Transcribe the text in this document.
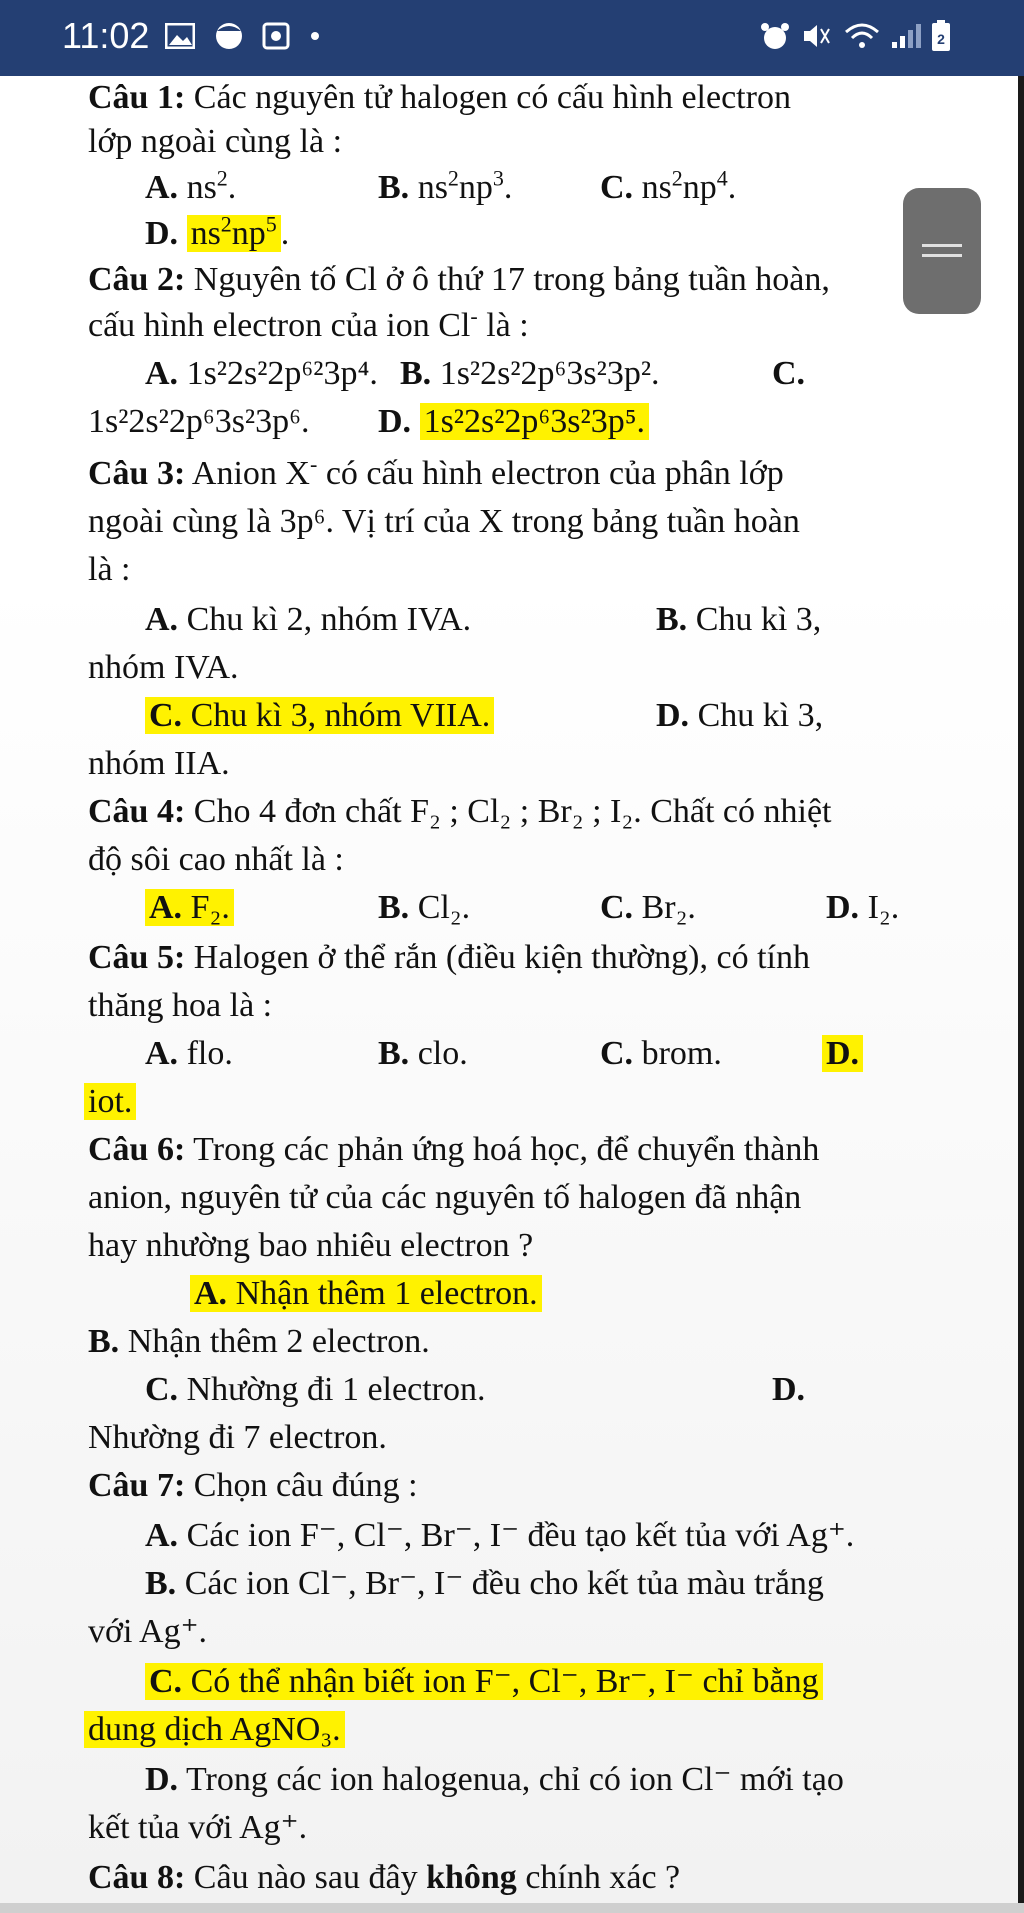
11:02	2
Câu 1: Các nguyên tử halogen có cấu hình electron
lớp ngoài cùng là :
A. $ns^2$.	B. $ns^2np^3$.	C. $ns^2np^4$.
D. $ns^2np^5$ .
Câu 2: Nguyên tố Cl ở ô thứ 17 trong bảng tuần hoàn,
cấu hình electron của ion Cl- là :
A. 1s²2s²2p⁶²3p⁴. B. 1s²2s²2p⁶3s²3p².	C.
1s²2s²2p⁶3s²3p⁶. D. 1s²2s²2p⁶3s²3p⁵.
Câu 3: Anion X- có cấu hình electron của phân lớp
ngoài cùng là 3p⁶. Vị trí của X trong bảng tuần hoàn
là :
A. Chu kì 2, nhóm IVA.	B. Chu kì 3,
nhóm IVA.
C. Chu kì 3, nhóm VIIA.	D. Chu kì 3,
nhóm IIA.
Câu 4: Cho 4 đơn chất F₂ ; Cl₂ ; Br₂ ; I₂. Chất có nhiệt
độ sôi cao nhất là :
A. F₂.	B. Cl₂.	C. Br₂.	D. I₂.
Câu 5: Halogen ở thể rắn (điều kiện thường), có tính
thăng hoa là :
A. flo.	B. clo.	C. brom.	D.
iot.
Câu 6: Trong các phản ứng hoá học, để chuyển thành
anion, nguyên tử của các nguyên tố halogen đã nhận
hay nhường bao nhiêu electron ?
A. Nhận thêm 1 electron.
B. Nhận thêm 2 electron.
C. Nhường đi 1 electron.	D.
Nhường đi 7 electron.
Câu 7: Chọn câu đúng :
A. Các ion F⁻, Cl⁻, Br⁻, I⁻ đều tạo kết tủa với Ag⁺.
B. Các ion Cl⁻, Br⁻, I⁻ đều cho kết tủa màu trắng
với Ag⁺.
C. Có thể nhận biết ion F⁻, Cl⁻, Br⁻, I⁻ chỉ bằng
dung dịch AgNO₃.
D. Trong các ion halogenua, chỉ có ion Cl⁻ mới tạo
kết tủa với Ag⁺.
Câu 8: Câu nào sau đây không chính xác ?
